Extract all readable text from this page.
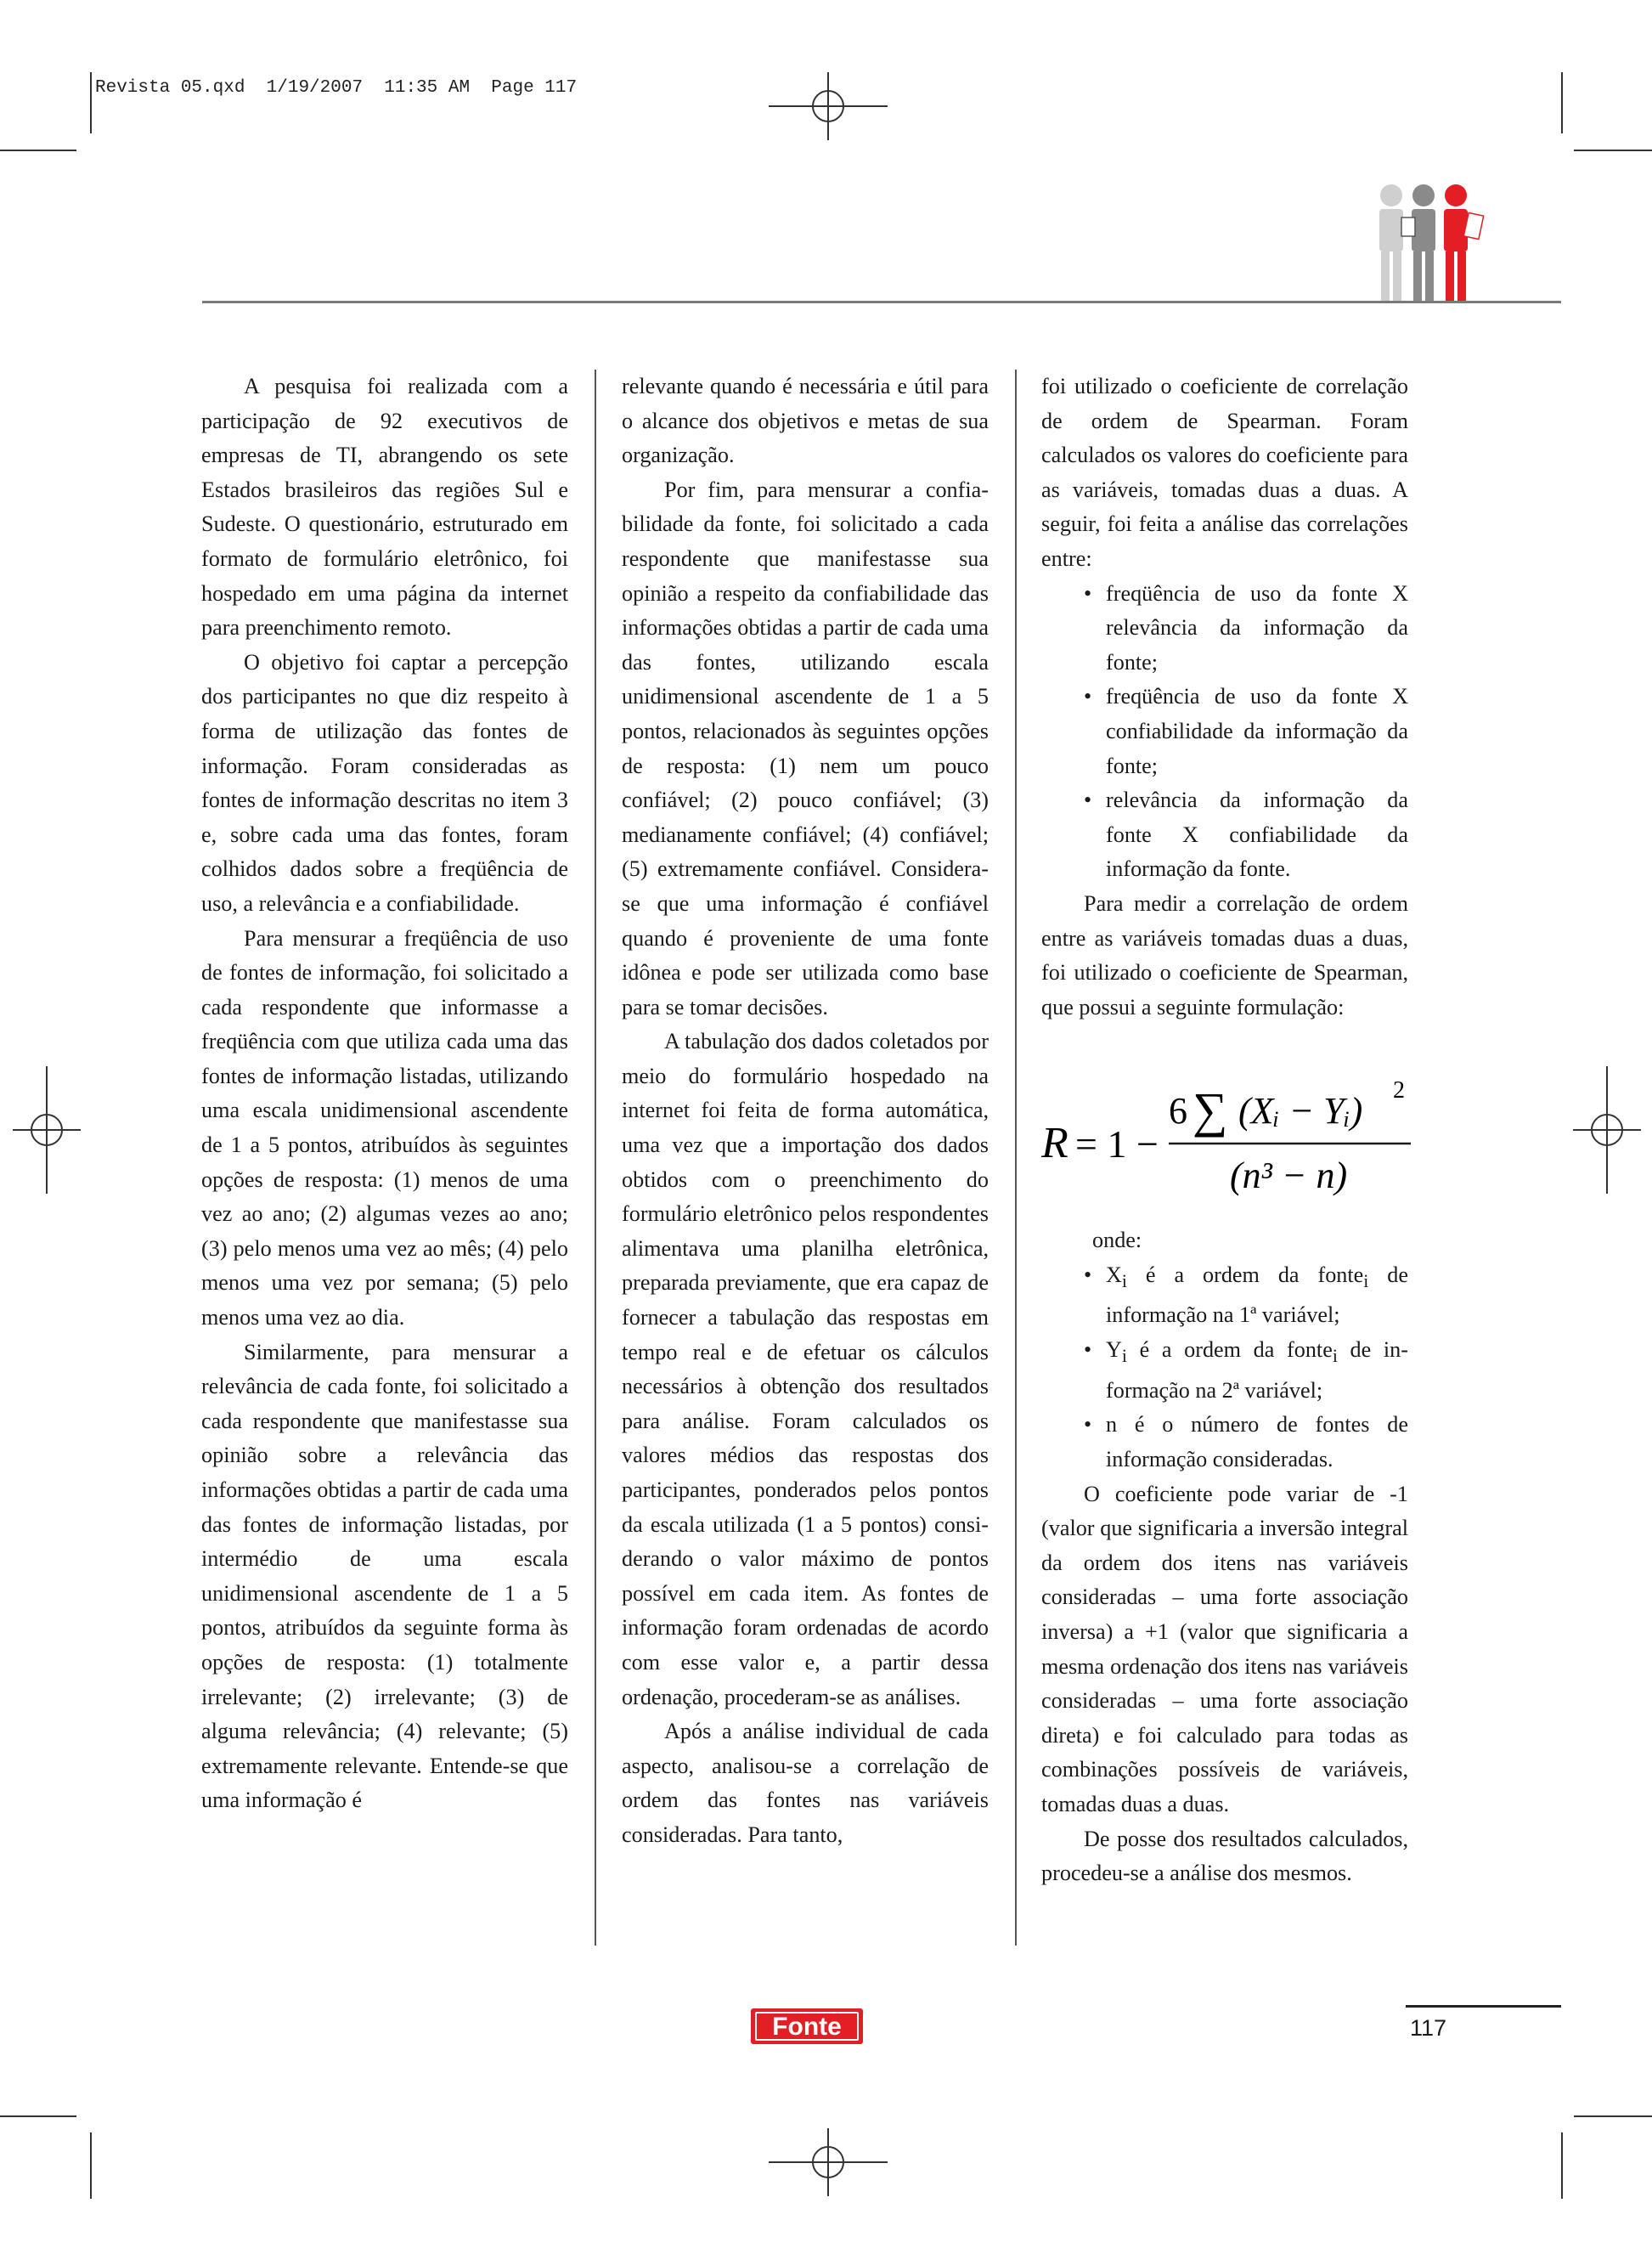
Revista 05.qxd  1/19/2007  11:35 AM  Page 117

A pesquisa foi realizada com a participação de 92 executivos de empresas de TI, abrangendo os sete Estados brasileiros das regiões Sul e Sudeste. O questionário, estruturado em formato de formulário eletrônico, foi hospedado em uma página da internet para preenchimento remoto.

O objetivo foi captar a percepção dos participantes no que diz respeito à forma de utilização das fontes de informação. Foram consideradas as fontes de informação descritas no item 3 e, sobre cada uma das fontes, foram colhidos dados sobre a freqüência de uso, a relevância e a confiabilidade.

Para mensurar a freqüência de uso de fontes de informação, foi solicitado a cada respondente que informasse a freqüência com que utiliza cada uma das fontes de informação listadas, utilizando uma escala unidimensional ascendente de 1 a 5 pontos, atribuídos às seguintes opções de resposta: (1) menos de uma vez ao ano; (2) algumas vezes ao ano; (3) pelo menos uma vez ao mês; (4) pelo menos uma vez por semana; (5) pelo menos uma vez ao dia.

Similarmente, para mensurar a relevância de cada fonte, foi solicitado a cada respondente que manifestasse sua opinião sobre a relevância das informações obtidas a partir de cada uma das fontes de informação listadas, por intermédio de uma escala unidimensional ascendente de 1 a 5 pontos, atribuídos da seguinte forma às opções de resposta: (1) totalmente irrelevante; (2) irrelevante; (3) de alguma relevância; (4) relevante; (5) extremamente relevante. Entende-se que uma informação é

relevante quando é necessária e útil para o alcance dos objetivos e metas de sua organização.

Por fim, para mensurar a confiabilidade da fonte, foi solicitado a cada respondente que manifestasse sua opinião a respeito da confiabilidade das informações obtidas a partir de cada uma das fontes, utilizando escala unidimensional ascendente de 1 a 5 pontos, relacionados às seguintes opções de resposta: (1) nem um pouco confiável; (2) pouco confiável; (3) medianamente confiável; (4) confiável; (5) extremamente confiável. Considera-se que uma informação é confiável quando é proveniente de uma fonte idônea e pode ser utilizada como base para se tomar decisões.

A tabulação dos dados coletados por meio do formulário hospedado na internet foi feita de forma automática, uma vez que a importação dos dados obtidos com o preenchimento do formulário eletrônico pelos respondentes alimentava uma planilha eletrônica, preparada previamente, que era capaz de fornecer a tabulação das respostas em tempo real e de efetuar os cálculos necessários à obtenção dos resultados para análise. Foram calculados os valores médios das respostas dos participantes, ponderados pelos pontos da escala utilizada (1 a 5 pontos) considerando o valor máximo de pontos possível em cada item. As fontes de informação foram ordenadas de acordo com esse valor e, a partir dessa ordenação, procederam-se as análises.

Após a análise individual de cada aspecto, analisou-se a correlação de ordem das fontes nas variáveis consideradas. Para tanto,

foi utilizado o coeficiente de correlação de ordem de Spearman. Foram calculados os valores do coeficiente para as variáveis, tomadas duas a duas. A seguir, foi feita a análise das correlações entre:

• freqüência de uso da fonte X relevância da informação da fonte;
• freqüência de uso da fonte X confiabilidade da informação da fonte;
• relevância da informação da fonte X confiabilidade da informação da fonte.

Para medir a correlação de ordem entre as variáveis tomadas duas a duas, foi utilizado o coeficiente de Spearman, que possui a seguinte formulação:

R = 1 −
6 ∑ (Xᵢ − Yᵢ) 2
(n³ − n)

onde:

• $X_i$ é a ordem da fonte$_i$ de informação na 1ª variável;
• $Y_i$ é a ordem da fonte$_i$ de informação na 2ª variável;
• n é o número de fontes de informação consideradas.

O coeficiente pode variar de -1 (valor que significaria a inversão integral da ordem dos itens nas variáveis consideradas – uma forte associação inversa) a +1 (valor que significaria a mesma ordenação dos itens nas variáveis consideradas – uma forte associação direta) e foi calculado para todas as combinações possíveis de variáveis, tomadas duas a duas.

De posse dos resultados calculados, procedeu-se a análise dos mesmos.

Fonte	117
